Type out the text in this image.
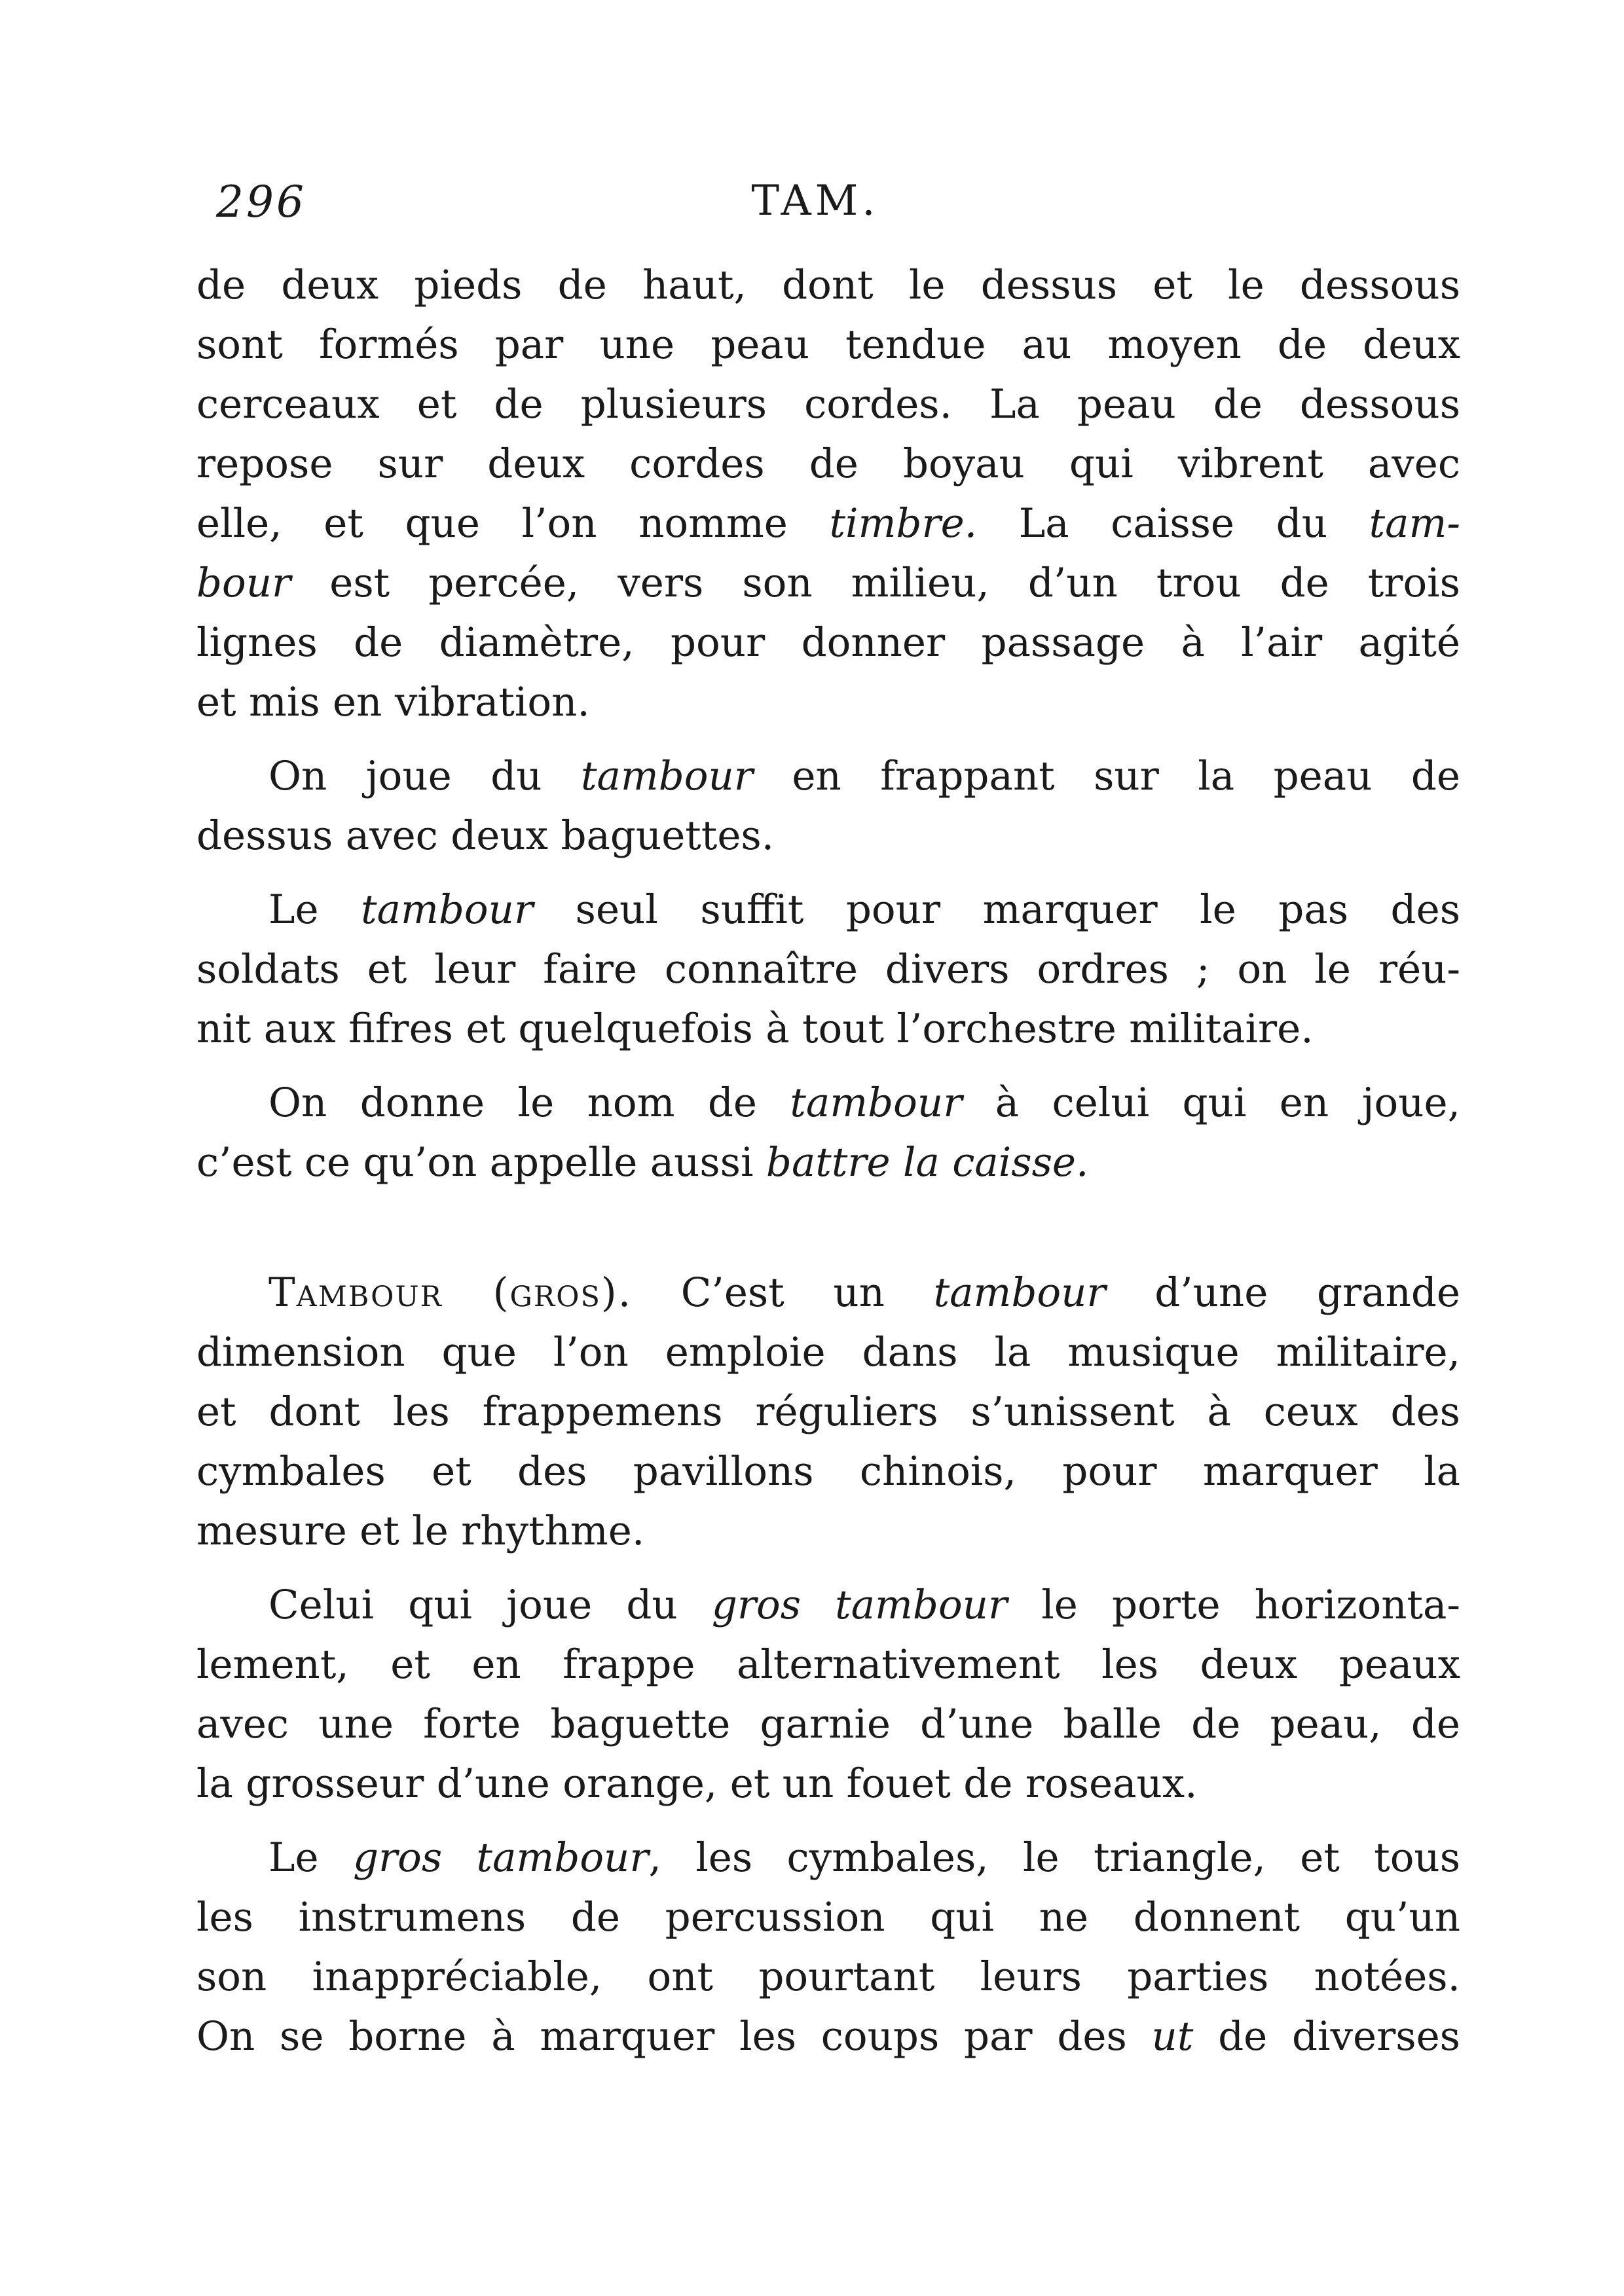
296	TAM.
de deux pieds de haut, dont le dessus et le dessous
sont formés par une peau tendue au moyen de deux
cerceaux et de plusieurs cordes. La peau de dessous
repose sur deux cordes de boyau qui vibrent avec
elle, et que l’on nomme timbre. La caisse du tam-
bour est percée, vers son milieu, d’un trou de trois
lignes de diamètre, pour donner passage à l’air agité
et mis en vibration.
On joue du tambour en frappant sur la peau de
dessus avec deux baguettes.
Le tambour seul suffit pour marquer le pas des
soldats et leur faire connaître divers ordres ; on le réu-
nit aux fifres et quelquefois à tout l’orchestre militaire.
On donne le nom de tambour à celui qui en joue,
c’est ce qu’on appelle aussi battre la caisse.
Tambour (gros). C’est un tambour d’une grande
dimension que l’on emploie dans la musique militaire,
et dont les frappemens réguliers s’unissent à ceux des
cymbales et des pavillons chinois, pour marquer la
mesure et le rhythme.
Celui qui joue du gros tambour le porte horizonta-
lement, et en frappe alternativement les deux peaux
avec une forte baguette garnie d’une balle de peau, de
la grosseur d’une orange, et un fouet de roseaux.
Le gros tambour, les cymbales, le triangle, et tous
les instrumens de percussion qui ne donnent qu’un
son inappréciable, ont pourtant leurs parties notées.
On se borne à marquer les coups par des ut de diverses
